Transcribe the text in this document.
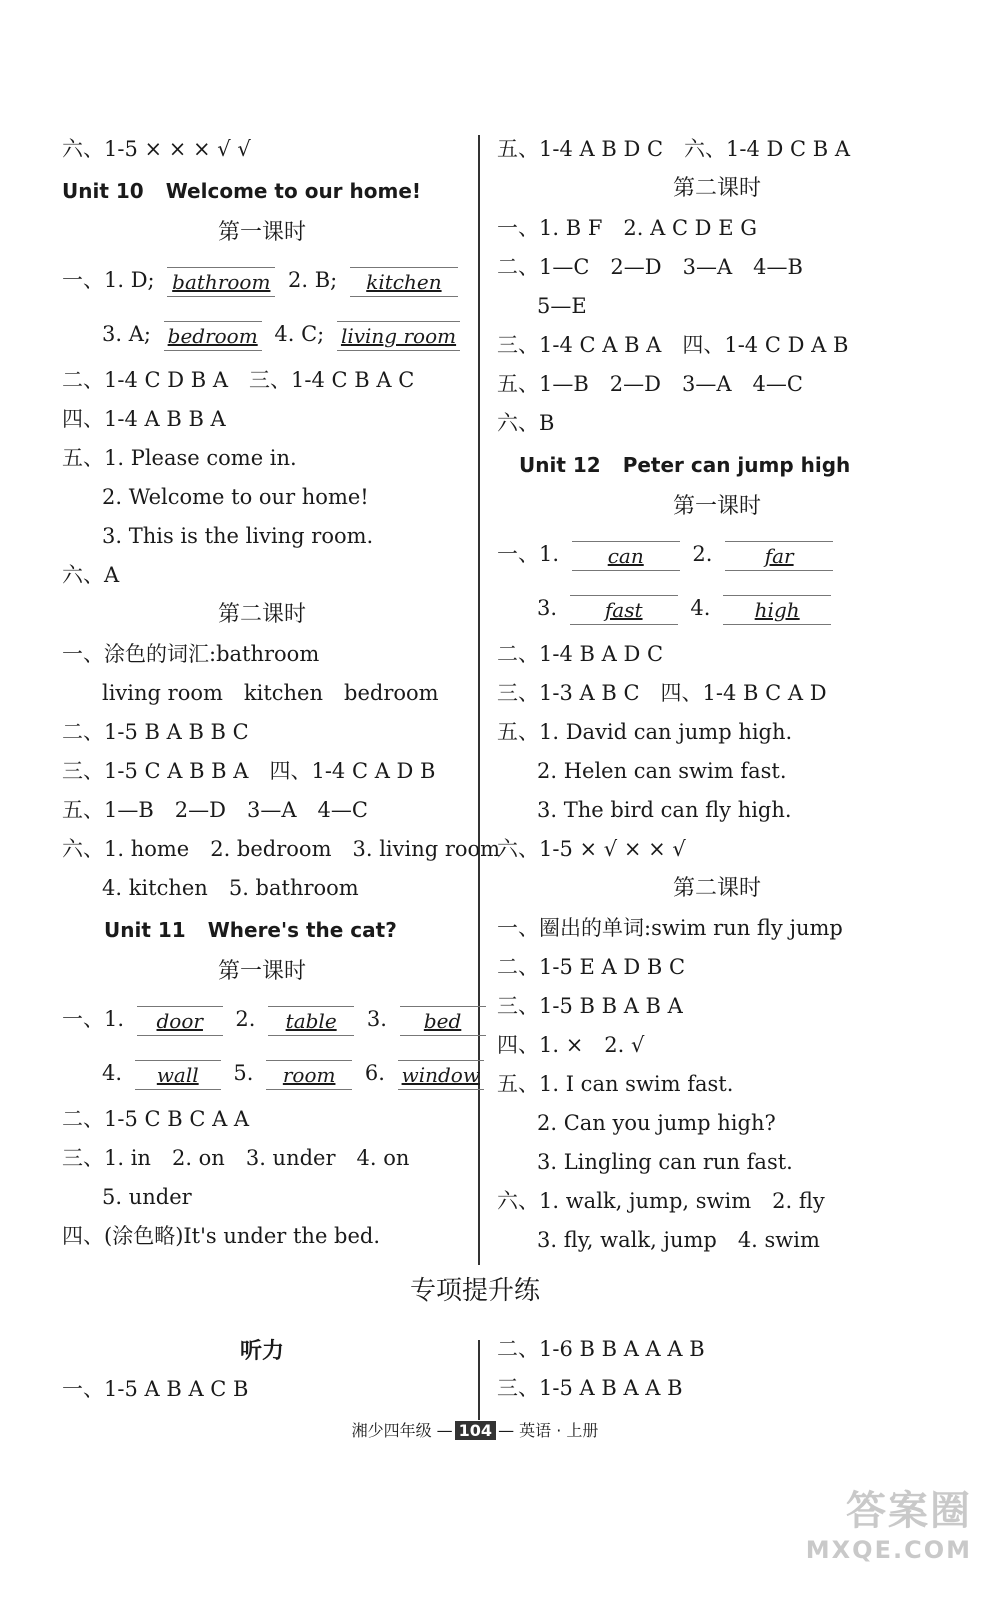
六、1-5 × × × √ √
Unit 10 Welcome to our home!
第一课时
一、1. D; bathroom 2. B; kitchen
3. A; bedroom 4. C; living room
二、1-4 C D B A　三、1-4 C B A C
四、1-4 A B B A
五、1. Please come in.
2. Welcome to our home!
3. This is the living room.
六、A
第二课时
一、涂色的词汇:bathroom
living room　kitchen　bedroom
二、1-5 B A B B C
三、1-5 C A B B A　四、1-4 C A D B
五、1—B　2—D　3—A　4—C
六、1. home　2. bedroom　3. living room
4. kitchen　5. bathroom
Unit 11 Where's the cat?
第一课时
一、1. door 2. table 3. bed
4. wall 5. room 6. window
二、1-5 C B C A A
三、1. in　2. on　3. under　4. on
5. under
四、(涂色略)It's under the bed.
五、1-4 A B D C　六、1-4 D C B A
第二课时
一、1. B F　2. A C D E G
二、1—C　2—D　3—A　4—B
5—E
三、1-4 C A B A　四、1-4 C D A B
五、1—B　2—D　3—A　4—C
六、B
Unit 12 Peter can jump high
第一课时
一、1. can 2.	far
3. fast 4. high
二、1-4 B A D C
三、1-3 A B C　四、1-4 B C A D
五、1. David can jump high.
2. Helen can swim fast.
3. The bird can fly high.
六、1-5 × √ × × √
第二课时
一、圈出的单词:swim run fly jump
二、1-5 E A D B C
三、1-5 B B A B A
四、1. ×　2. √
五、1. I can swim fast.
2. Can you jump high?
3. Lingling can run fast.
六、1. walk, jump, swim　2. fly
3. fly, walk, jump　4. swim
专项提升练
听力
一、1-5 A B A C B
二、1-6 B B A A A B
三、1-5 A B A A B
湘少四年级 — 104 — 英语 · 上册
答案圈
MXQE.COM
